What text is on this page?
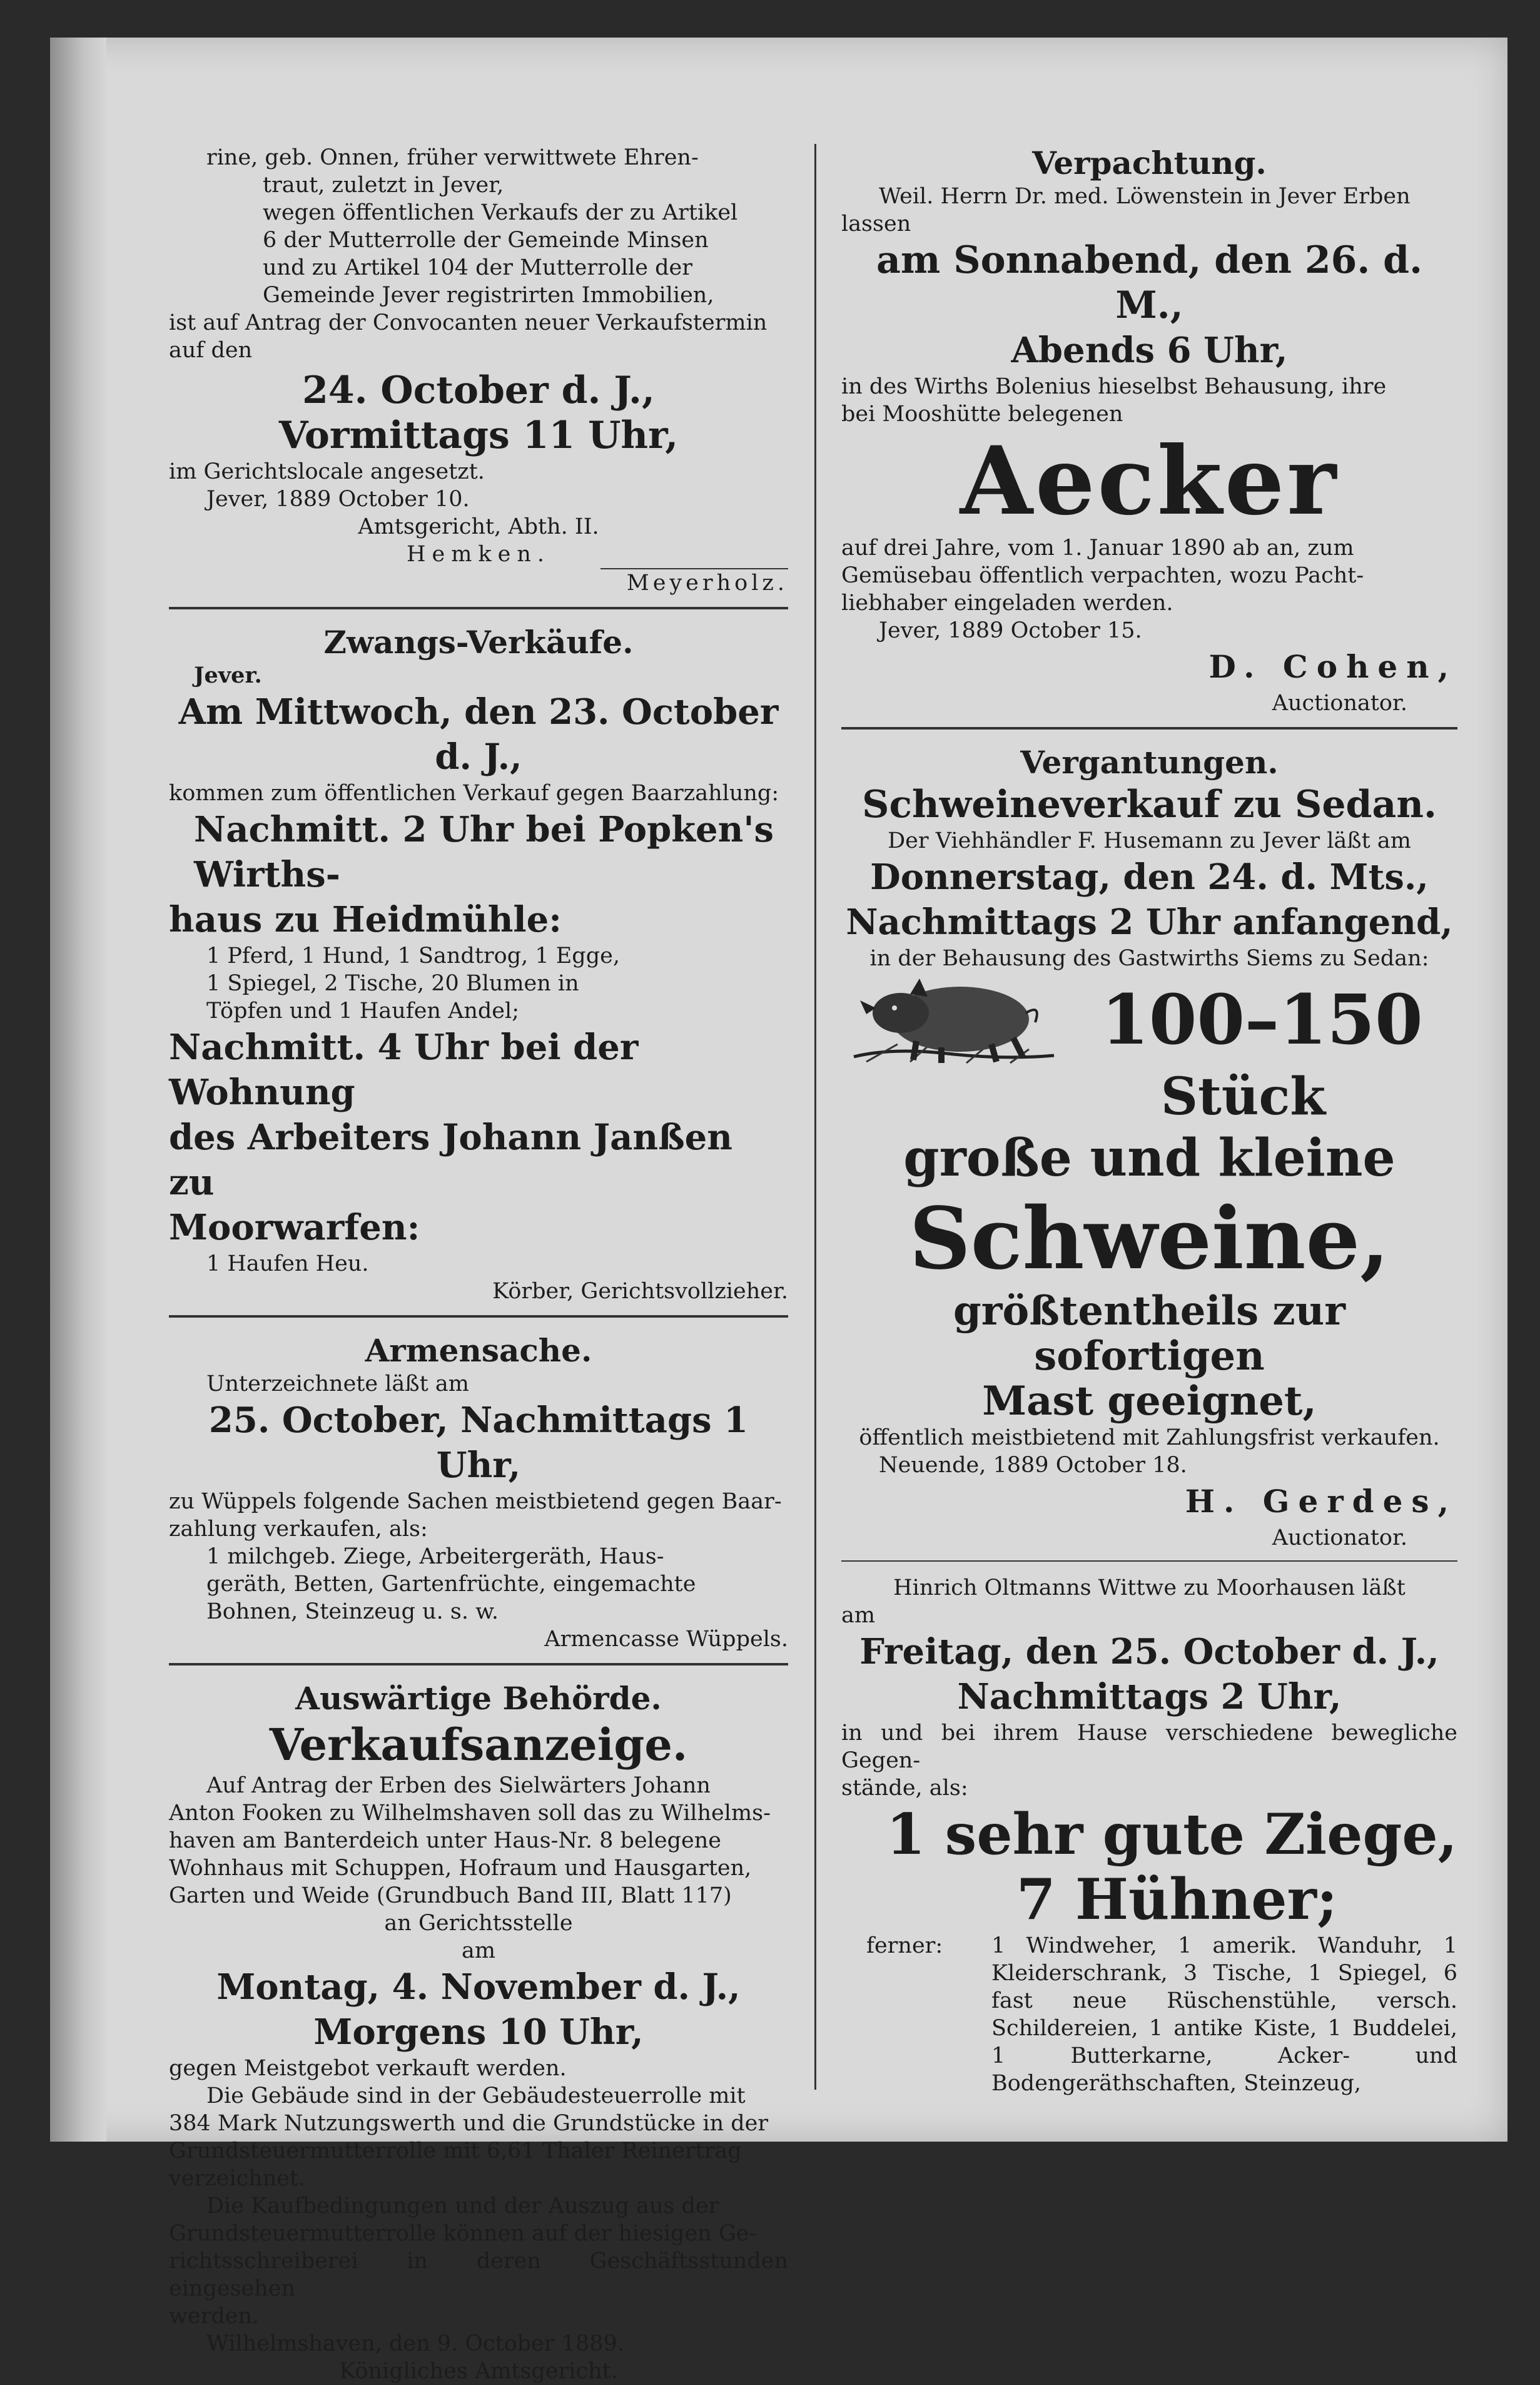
rine, geb. Onnen, früher verwittwete Ehren-

traut, zuletzt in Jever,

wegen öffentlichen Verkaufs der zu Artikel

6 der Mutterrolle der Gemeinde Minsen

und zu Artikel 104 der Mutterrolle der

Gemeinde Jever registrirten Immobilien,

ist auf Antrag der Convocanten neuer Verkaufstermin

auf den

24. October d. J.,

Vormittags 11 Uhr,

im Gerichtslocale angesetzt.

Jever, 1889 October 10.

Amtsgericht, Abth. II.

Hemken.

Meyerholz.

Zwangs-Verkäufe.

Jever.

Am Mittwoch, den 23. October d. J.,

kommen zum öffentlichen Verkauf gegen Baarzahlung:

Nachmitt. 2 Uhr bei Popken's Wirths-

haus zu Heidmühle:

1 Pferd, 1 Hund, 1 Sandtrog, 1 Egge,

1 Spiegel, 2 Tische, 20 Blumen in

Töpfen und 1 Haufen Andel;

Nachmitt. 4 Uhr bei der Wohnung

des Arbeiters Johann Janßen zu

Moorwarfen:

1 Haufen Heu.

Körber, Gerichtsvollzieher.

Armensache.

Unterzeichnete läßt am

25. October, Nachmittags 1 Uhr,

zu Wüppels folgende Sachen meistbietend gegen Baar-

zahlung verkaufen, als:

1 milchgeb. Ziege, Arbeitergeräth, Haus-

geräth, Betten, Gartenfrüchte, eingemachte

Bohnen, Steinzeug u. s. w.

Armencasse Wüppels.

Auswärtige Behörde.

Verkaufsanzeige.

Auf Antrag der Erben des Sielwärters Johann

Anton Fooken zu Wilhelmshaven soll das zu Wilhelms-

haven am Banterdeich unter Haus-Nr. 8 belegene

Wohnhaus mit Schuppen, Hofraum und Hausgarten,

Garten und Weide (Grundbuch Band III, Blatt 117)

an Gerichtsstelle

am

Montag, 4. November d. J.,

Morgens 10 Uhr,

gegen Meistgebot verkauft werden.

Die Gebäude sind in der Gebäudesteuerrolle mit

384 Mark Nutzungswerth und die Grundstücke in der

Grundsteuermutterrolle mit 6,61 Thaler Reinertrag

verzeichnet.

Die Kaufbedingungen und der Auszug aus der

Grundsteuermutterrolle können auf der hiesigen Ge-

richtsschreiberei in deren Geschäftsstunden eingesehen

werden.

Wilhelmshaven, den 9. October 1889.

Königliches Amtsgericht.

Verpachtung.

Weil. Herrn Dr. med. Löwenstein in Jever Erben

lassen

am Sonnabend, den 26. d. M.,

Abends 6 Uhr,

in des Wirths Bolenius hieselbst Behausung, ihre

bei Mooshütte belegenen

Aecker

auf drei Jahre, vom 1. Januar 1890 ab an, zum

Gemüsebau öffentlich verpachten, wozu Pacht-

liebhaber eingeladen werden.

Jever, 1889 October 15.

D. Cohen,

Auctionator.

Vergantungen.

Schweineverkauf zu Sedan.

Der Viehhändler F. Husemann zu Jever läßt am

Donnerstag, den 24. d. Mts.,

Nachmittags 2 Uhr anfangend,

in der Behausung des Gastwirths Siems zu Sedan:

100–150

Stück

große und kleine

Schweine,

größtentheils zur sofortigen

Mast geeignet,

öffentlich meistbietend mit Zahlungsfrist verkaufen.

Neuende, 1889 October 18.

H. Gerdes,

Auctionator.

Hinrich Oltmanns Wittwe zu Moorhausen läßt

am

Freitag, den 25. October d. J.,

Nachmittags 2 Uhr,

in und bei ihrem Hause verschiedene bewegliche Gegen-

stände, als:

1 sehr gute Ziege,

7 Hühner;

ferner:	1 Windweher, 1 amerik. Wanduhr, 1 Kleiderschrank, 3 Tische, 1 Spiegel, 6 fast neue Rüschenstühle, versch. Schildereien, 1 antike Kiste, 1 Buddelei, 1 Butterkarne, Acker- und Bodengeräthschaften, Steinzeug,
